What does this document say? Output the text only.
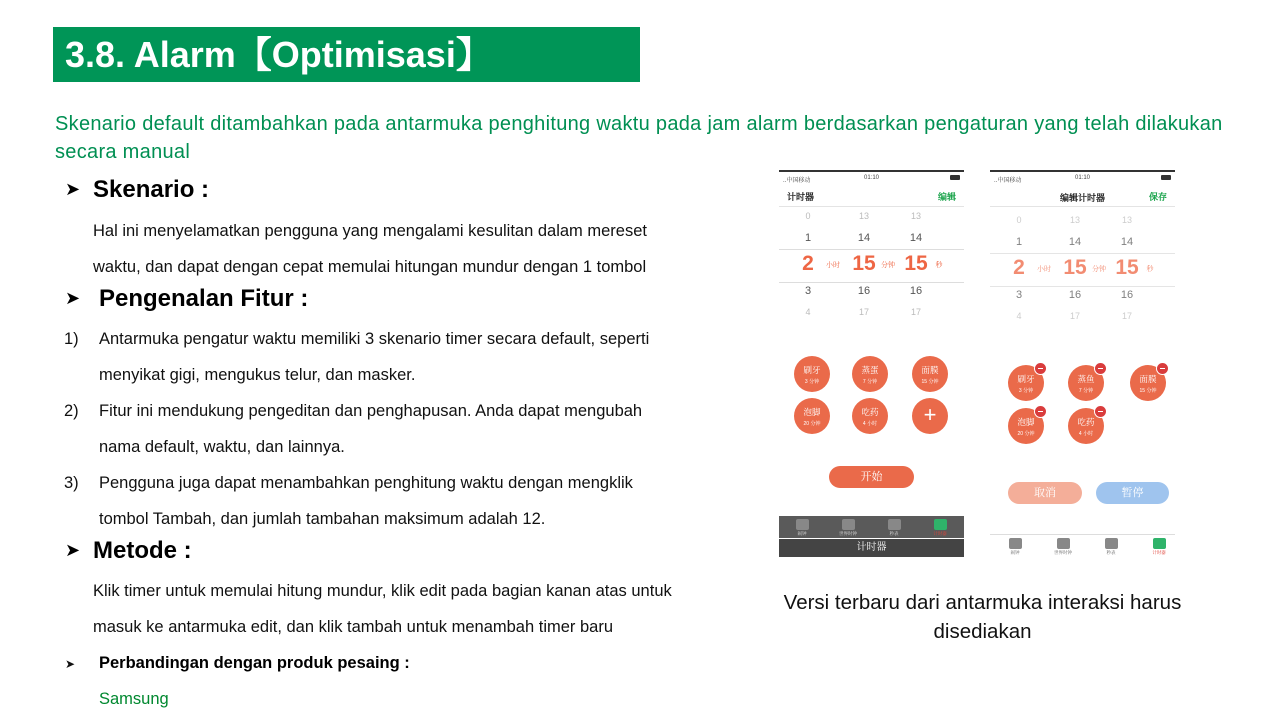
3.8. Alarm【Optimisasi】
Skenario default ditambahkan pada antarmuka penghitung waktu pada jam alarm berdasarkan pengaturan yang telah dilakukan secara manual
➤ Skenario :
Hal ini menyelamatkan pengguna yang mengalami kesulitan dalam mereset
waktu, dan dapat dengan cepat memulai hitungan mundur dengan 1 tombol
➤ Pengenalan Fitur :
1) Antarmuka pengatur waktu memiliki 3 skenario timer secara default, seperti
menyikat gigi, mengukus telur, dan masker.
2) Fitur ini mendukung pengeditan dan penghapusan. Anda dapat mengubah
nama default, waktu, dan lainnya.
3) Pengguna juga dapat menambahkan penghitung waktu dengan mengklik
tombol Tambah, dan jumlah tambahan maksimum adalah 12.
➤ Metode :
Klik timer untuk memulai hitung mundur, klik edit pada bagian kanan atas untuk
masuk ke antarmuka edit, dan klik tambah untuk menambah timer baru
➤ Perbandingan dengan produk pesaing :
Samsung
..中国移动	01:10
计时器	编辑
0	13	13
1	14	14
2	小时 15 分钟 15	秒
3	16	16
4	17	17
刷牙
3 分钟
蒸蛋
7 分钟
面膜
15 分钟
泡脚
20 分钟
吃药
4 小时	+
开始
闹钟	世界时钟	秒表	计时器
计时器
..中国移动	01:10
编辑计时器	保存
0	13	13
1	14	14
2	小时 15 分钟 15	秒
3	16	16
4	17	17
刷牙
3 分钟
蒸鱼
7 分钟
面膜
15 分钟
泡脚
20 分钟
吃药
4 小时
取消	暂停
闹钟	世界时钟	秒表	计时器
Versi terbaru dari antarmuka interaksi harus disediakan
